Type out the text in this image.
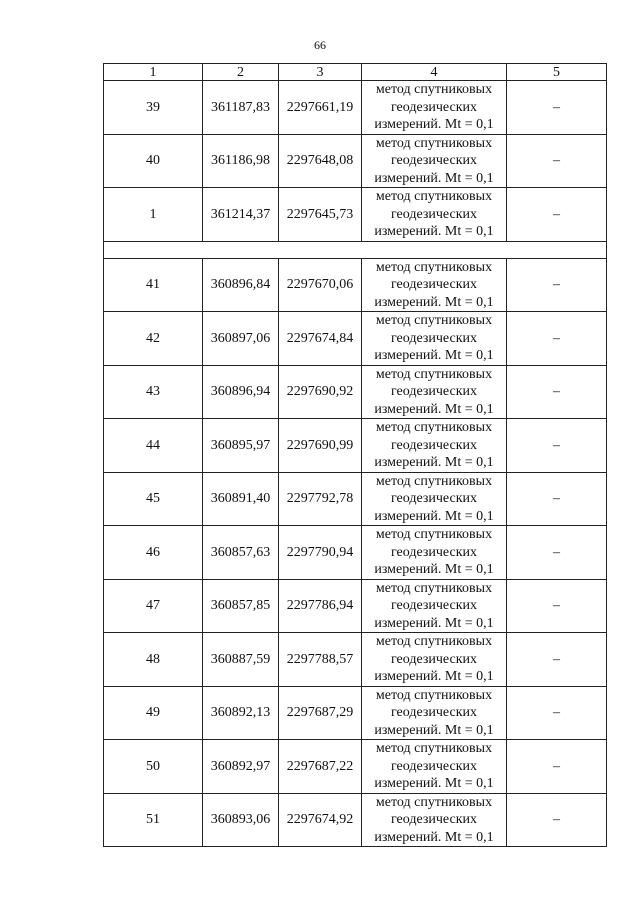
66
1	2	3	4	5
39	361187,83	2297661,19	метод спутниковых
геодезических
измерений. Mt = 0,1	–
40	361186,98	2297648,08	метод спутниковых
геодезических
измерений. Mt = 0,1	–
1	361214,37	2297645,73	метод спутниковых
геодезических
измерений. Mt = 0,1	–

41	360896,84	2297670,06	метод спутниковых
геодезических
измерений. Mt = 0,1	–
42	360897,06	2297674,84	метод спутниковых
геодезических
измерений. Mt = 0,1	–
43	360896,94	2297690,92	метод спутниковых
геодезических
измерений. Mt = 0,1	–
44	360895,97	2297690,99	метод спутниковых
геодезических
измерений. Mt = 0,1	–
45	360891,40	2297792,78	метод спутниковых
геодезических
измерений. Mt = 0,1	–
46	360857,63	2297790,94	метод спутниковых
геодезических
измерений. Mt = 0,1	–
47	360857,85	2297786,94	метод спутниковых
геодезических
измерений. Mt = 0,1	–
48	360887,59	2297788,57	метод спутниковых
геодезических
измерений. Mt = 0,1	–
49	360892,13	2297687,29	метод спутниковых
геодезических
измерений. Mt = 0,1	–
50	360892,97	2297687,22	метод спутниковых
геодезических
измерений. Mt = 0,1	–
51	360893,06	2297674,92	метод спутниковых
геодезических
измерений. Mt = 0,1	–
